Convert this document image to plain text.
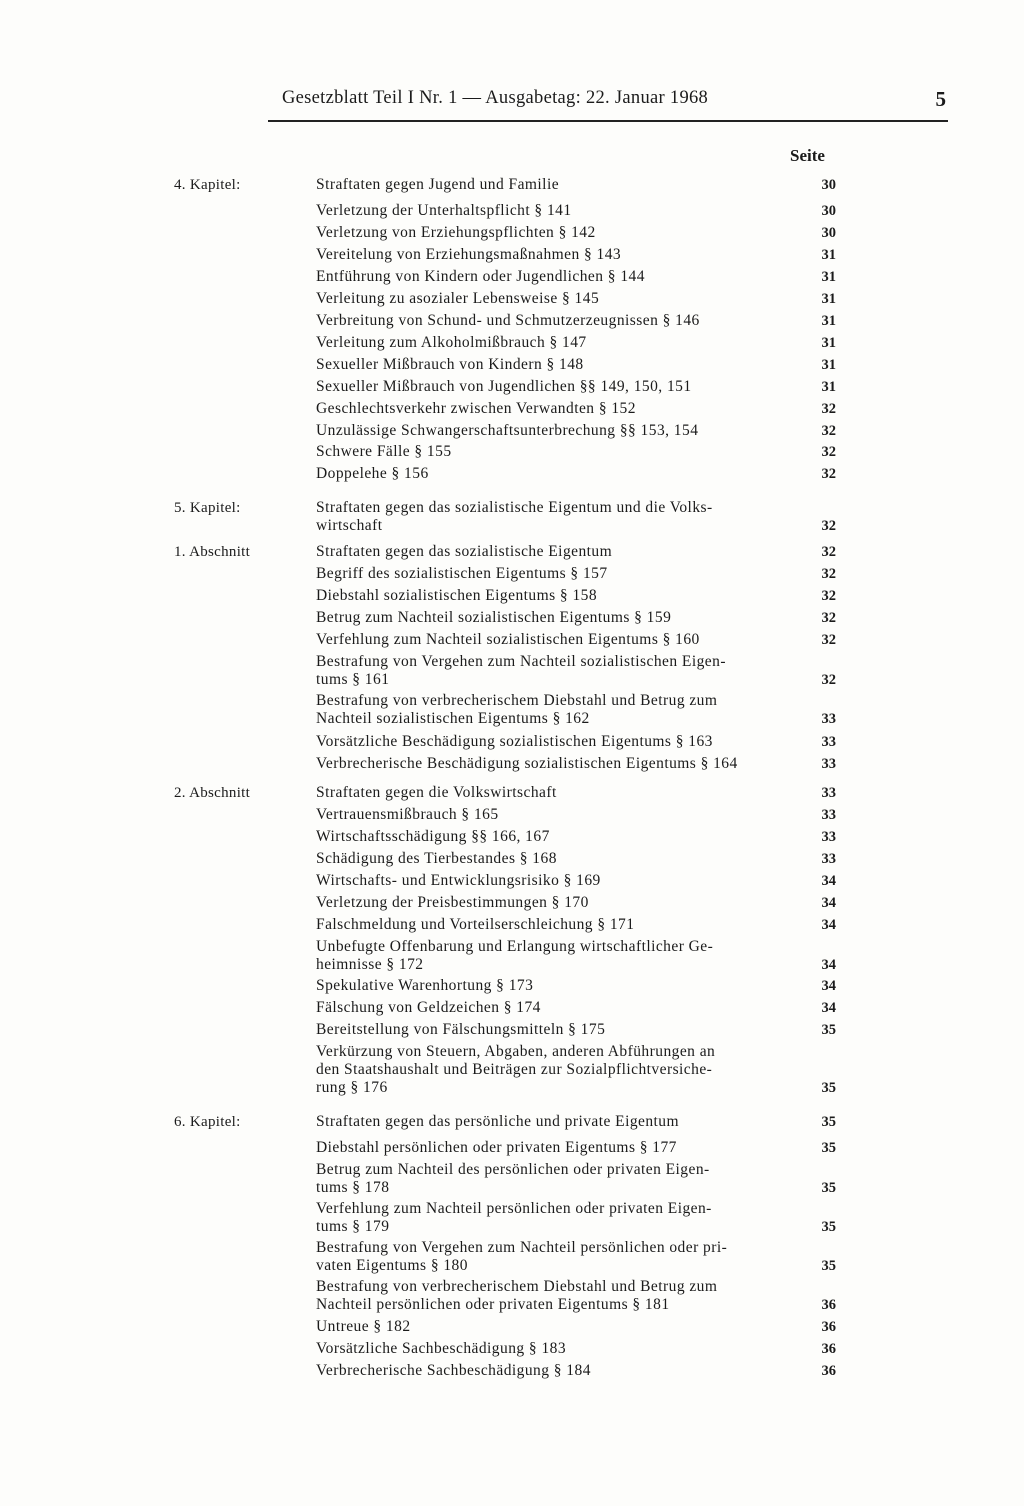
Gesetzblatt Teil I Nr. 1 — Ausgabetag: 22. Januar 1968	5
Seite
4. Kapitel:	Straftaten gegen Jugend und Familie	30
Verletzung der Unterhaltspflicht § 141	30
Verletzung von Erziehungspflichten § 142	30
Vereitelung von Erziehungsmaßnahmen § 143	31
Entführung von Kindern oder Jugendlichen § 144	31
Verleitung zu asozialer Lebensweise § 145	31
Verbreitung von Schund- und Schmutzerzeugnissen § 146	31
Verleitung zum Alkoholmißbrauch § 147	31
Sexueller Mißbrauch von Kindern § 148	31
Sexueller Mißbrauch von Jugendlichen §§ 149, 150, 151	31
Geschlechtsverkehr zwischen Verwandten § 152	32
Unzulässige Schwangerschaftsunterbrechung §§ 153, 154	32
Schwere Fälle § 155	32
Doppelehe § 156	32
5. Kapitel:	Straftaten gegen das sozialistische Eigentum und die Volks-
wirtschaft	32
1. Abschnitt	Straftaten gegen das sozialistische Eigentum	32
Begriff des sozialistischen Eigentums § 157	32
Diebstahl sozialistischen Eigentums § 158	32
Betrug zum Nachteil sozialistischen Eigentums § 159	32
Verfehlung zum Nachteil sozialistischen Eigentums § 160	32
Bestrafung von Vergehen zum Nachteil sozialistischen Eigen-
tums § 161	32
Bestrafung von verbrecherischem Diebstahl und Betrug zum
Nachteil sozialistischen Eigentums § 162	33
Vorsätzliche Beschädigung sozialistischen Eigentums § 163	33
Verbrecherische Beschädigung sozialistischen Eigentums § 164	33
2. Abschnitt	Straftaten gegen die Volkswirtschaft	33
Vertrauensmißbrauch § 165	33
Wirtschaftsschädigung §§ 166, 167	33
Schädigung des Tierbestandes § 168	33
Wirtschafts- und Entwicklungsrisiko § 169	34
Verletzung der Preisbestimmungen § 170	34
Falschmeldung und Vorteilserschleichung § 171	34
Unbefugte Offenbarung und Erlangung wirtschaftlicher Ge-
heimnisse § 172	34
Spekulative Warenhortung § 173	34
Fälschung von Geldzeichen § 174	34
Bereitstellung von Fälschungsmitteln § 175	35
Verkürzung von Steuern, Abgaben, anderen Abführungen an
den Staatshaushalt und Beiträgen zur Sozialpflichtversiche-
rung § 176	35
6. Kapitel:	Straftaten gegen das persönliche und private Eigentum	35
Diebstahl persönlichen oder privaten Eigentums § 177	35
Betrug zum Nachteil des persönlichen oder privaten Eigen-
tums § 178	35
Verfehlung zum Nachteil persönlichen oder privaten Eigen-
tums § 179	35
Bestrafung von Vergehen zum Nachteil persönlichen oder pri-
vaten Eigentums § 180	35
Bestrafung von verbrecherischem Diebstahl und Betrug zum
Nachteil persönlichen oder privaten Eigentums § 181	36
Untreue § 182	36
Vorsätzliche Sachbeschädigung § 183	36
Verbrecherische Sachbeschädigung § 184	36
